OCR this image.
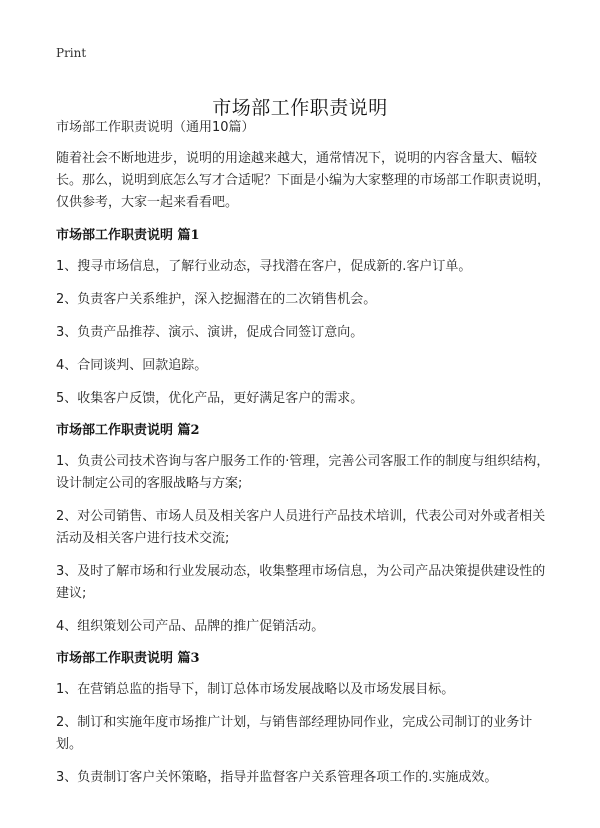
Print
市场部工作职责说明

市场部工作职责说明（通用10篇）

随着社会不断地进步，说明的用途越来越大，通常情况下，说明的内容含量大、幅较长。那么，说明到底怎么写才合适呢？下面是小编为大家整理的市场部工作职责说明，仅供参考，大家一起来看看吧。

市场部工作职责说明 篇1

1、搜寻市场信息，了解行业动态，寻找潜在客户，促成新的.客户订单。

2、负责客户关系维护，深入挖掘潜在的二次销售机会。

3、负责产品推荐、演示、演讲，促成合同签订意向。

4、合同谈判、回款追踪。

5、收集客户反馈，优化产品，更好满足客户的需求。

市场部工作职责说明 篇2

1、负责公司技术咨询与客户服务工作的·管理，完善公司客服工作的制度与组织结构，设计制定公司的客服战略与方案;

2、对公司销售、市场人员及相关客户人员进行产品技术培训，代表公司对外或者相关活动及相关客户进行技术交流;

3、及时了解市场和行业发展动态，收集整理市场信息，为公司产品决策提供建设性的建议;

4、组织策划公司产品、品牌的推广促销活动。

市场部工作职责说明 篇3

1、在营销总监的指导下，制订总体市场发展战略以及市场发展目标。

2、制订和实施年度市场推广计划，与销售部经理协同作业，完成公司制订的业务计划。

3、负责制订客户关怀策略，指导并监督客户关系管理各项工作的.实施成效。
